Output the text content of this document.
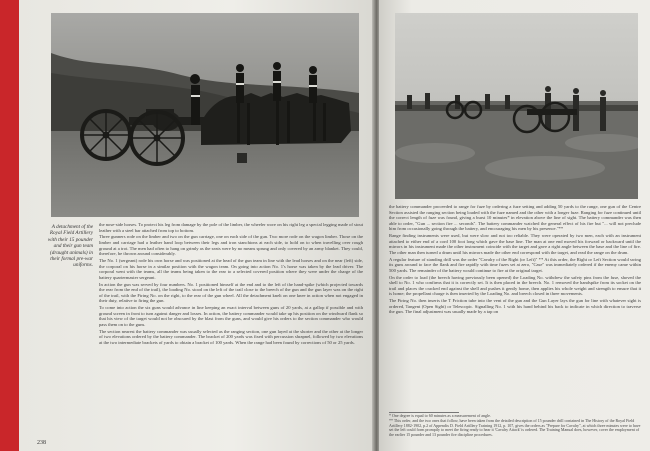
A detachment of the Royal Field Artillery with their 15 pounder and their gun team (draught animals) in their formal pre-war uniforms.

the nose-side horses. To protect his leg from damage by the pole of the limber, the wheeler wore on his right leg a special legging made of stout leather with a steel bar attached from top to bottom.

Three gunners rode on the limber and two on the gun carriage, one on each side of the gun. Two more rode on the wagon limber. Those on the limber and carriage had a leather hand loop between their legs and iron stanchions at each side, to hold on to when travelling over rough ground at a trot. The men had often to hang on grimly as the seats were by no means sprung and only covered by an army blanket. They could, therefore, be thrown around considerably.

The No. 1 (sergeant) rode his own horse and was positioned at the head of the gun team in line with the lead horses and on the near (left) side, the corporal on his horse in a similar position with the wagon team. On going into action No. 1's horse was taken by the lead driver. The corporal went with the teams, all the teams being taken to the rear to a selected covered position where they were under the charge of the battery quartermaster sergeant.

In action the gun was served by four numbers. No. 1 positioned himself at the end and to the left of the hand-spike (which projected towards the rear from the end of the trail), the loading No. stood on the left of the trail close to the breech of the gun and the gun layer was on the right of the trail, with the Firing No. on the right, to the rear of the gun wheel. All the detachment knelt on one knee in action when not engaged in their duty, relative to firing the gun.

To come into action the six guns would advance in line keeping an exact interval between guns of 20 yards, at a gallop if possible and with ground screen in front to turn against danger and losses. In action, the battery commander would take up his position on the windward flank so that his view of the target would not be obscured by the blast from the guns, and would give his orders to the section commander who would pass them on to the guns.

The section nearest the battery commander was usually selected as the ranging section, one gun layed at the shorter and the other at the longer of two elevations ordered by the battery commander. The bracket of 200 yards was fixed with percussion shrapnel, followed by two elevations at the two intermediate brackets of yards to obtain a bracket of 100 yards. When the range had been found by corrections of 50 or 25 yards.

238

the battery commander proceeded to range for fuze by ordering a fuze setting and adding 50 yards to the range, one gun of the Centre Section assisted the ranging section being loaded with the fuze named and the other with a longer fuze. Ranging for fuze continued until the correct length of fuze was found, giving a burst 10 minutes* in elevation above the line of sight. The battery commander was then able to order, "Gun ... section fire ... seconds". The battery commander watched the general effect of his fire but "... will not preclude him from occasionally going through the battery, and encouraging his men by his presence."**

Range finding instruments were used, but were slow and not too reliable. They were operated by two men, each with an instrument attached to either end of a cord 100 foot long which gave the base line. The man at one end moved his forward or backward until the mirrors in his instrument made the other instrument coincide with the target and gave a right angle between the base and the line of fire. The other man then turned a drum until his mirrors made the other end correspond with the target, and read the range on the drum.

A regular feature of standing drill was the order "Cavalry of the Right (or Left)" ** At this order, the Right or Left Section would swing its guns around to face the flank and fire rapidly with time fuzes set at zero, "Case" was immediately ordered if the enemy came within 500 yards. The remainder of the battery would continue to fire at the original target.

On the order to load (the breech having previously been opened) the Loading No. withdrew the safety pins from the fuse, shoved the shell to No. 1 who confirms that it is correctly set. It is then placed in the breech. No. 1 removed the handspike from its socket on the trail and places the cracked end against the shell and pushes it gently home, then applies his whole weight and strength to ensure that it is home; the propellant charge is then inserted by the Loading No. and breech closed in three movements.

The Firing No. then inserts the T Friction tube into the vent of the gun and the Gun Layer lays the gun for line with whatever sight is ordered, Tangent (Open Sight) or Telescopic. Signalling No. 1 with his hand behind his back to indicate in which direction to traverse the gun. The final adjustment was usually made by a tap on

* One degree is equal to 60 minutes as a measurement of angle.

** This order, and the two ones that follow, have been taken from the detailed description of 15 pounder drill contained in The History of the Royal Field Artillery 1882-1902, p.2 of Appendix D. Field Artillery Training 1912, p. 107, gives the orders as "Prepare for Cavalry", at which three minutes were to have set the left could form promptly to meet the firing ready to hear it 'Cavalry Attack' is ordered. The Training Manual does, however, cover the employment of the earlier 15 pounder and 13 pounder fire discipline procedures.
